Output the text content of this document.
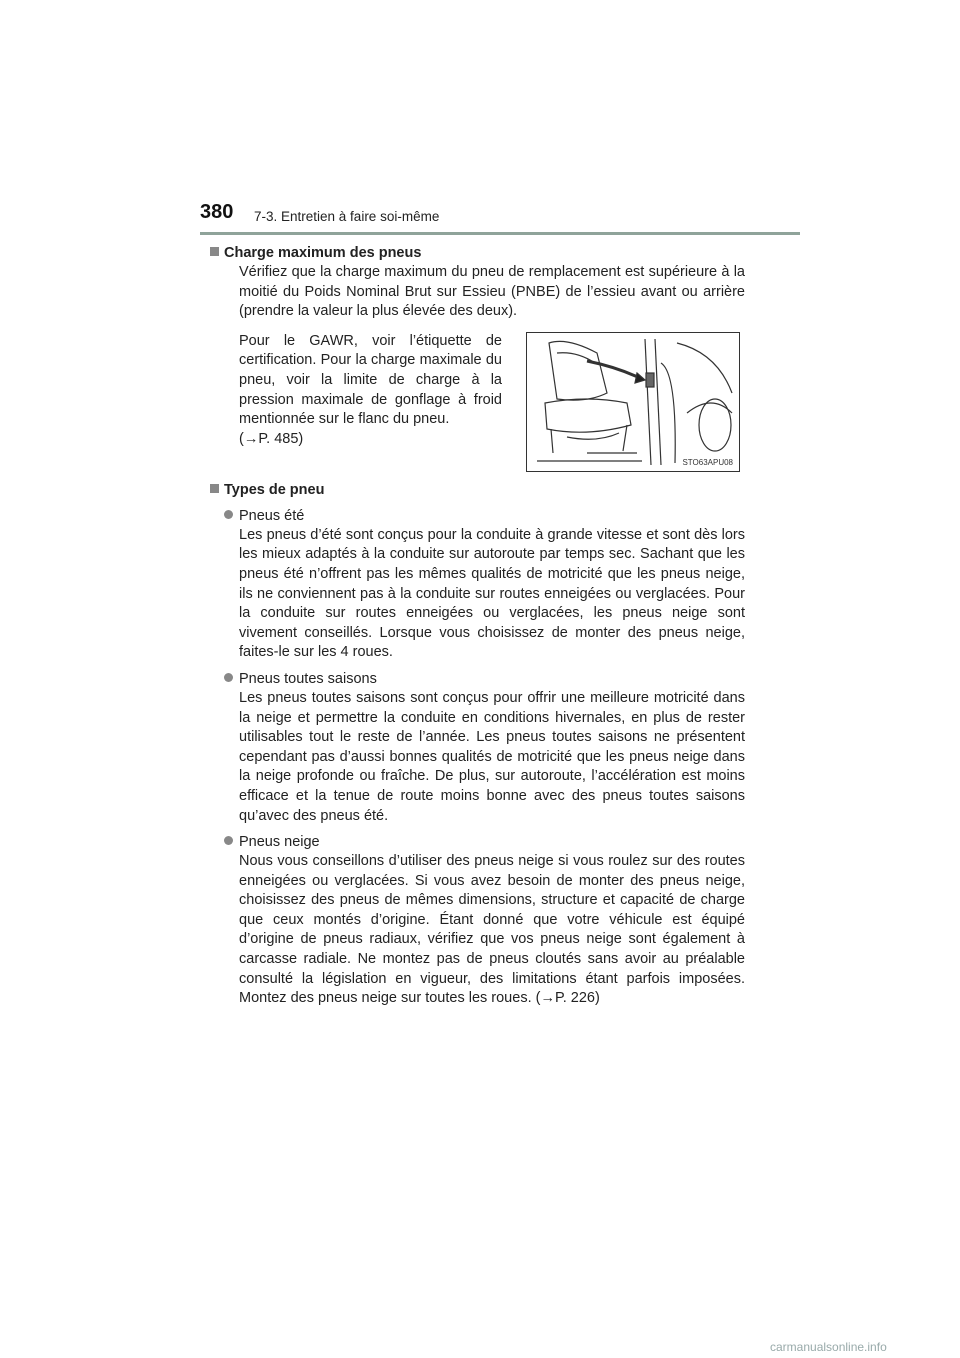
380 7-3. Entretien à faire soi-même

Charge maximum des pneus

Vérifiez que la charge maximum du pneu de remplacement est supérieure à la moitié du Poids Nominal Brut sur Essieu (PNBE) de l’essieu avant ou arrière (prendre la valeur la plus élevée des deux).

Pour le GAWR, voir l’étiquette de certification. Pour la charge maximale du pneu, voir la limite de charge à la pression maximale de gonflage à froid mentionnée sur le flanc du pneu.
(→P. 485)

STO63APU08

Types de pneu

Pneus été

Les pneus d’été sont conçus pour la conduite à grande vitesse et sont dès lors les mieux adaptés à la conduite sur autoroute par temps sec. Sachant que les pneus été n’offrent pas les mêmes qualités de motricité que les pneus neige, ils ne conviennent pas à la conduite sur routes enneigées ou verglacées. Pour la conduite sur routes enneigées ou verglacées, les pneus neige sont vivement conseillés. Lorsque vous choisissez de monter des pneus neige, faites-le sur les 4 roues.

Pneus toutes saisons

Les pneus toutes saisons sont conçus pour offrir une meilleure motricité dans la neige et permettre la conduite en conditions hivernales, en plus de rester utilisables tout le reste de l’année. Les pneus toutes saisons ne présentent cependant pas d’aussi bonnes qualités de motricité que les pneus neige dans la neige profonde ou fraîche. De plus, sur autoroute, l’accélération est moins efficace et la tenue de route moins bonne avec des pneus toutes saisons qu’avec des pneus été.

Pneus neige

Nous vous conseillons d’utiliser des pneus neige si vous roulez sur des routes enneigées ou verglacées. Si vous avez besoin de monter des pneus neige, choisissez des pneus de mêmes dimensions, structure et capacité de charge que ceux montés d’origine. Étant donné que votre véhicule est équipé d’origine de pneus radiaux, vérifiez que vos pneus neige sont également à carcasse radiale. Ne montez pas de pneus cloutés sans avoir au préalable consulté la législation en vigueur, des limitations étant parfois imposées. Montez des pneus neige sur toutes les roues. (→P. 226)

carmanualsonline.info
